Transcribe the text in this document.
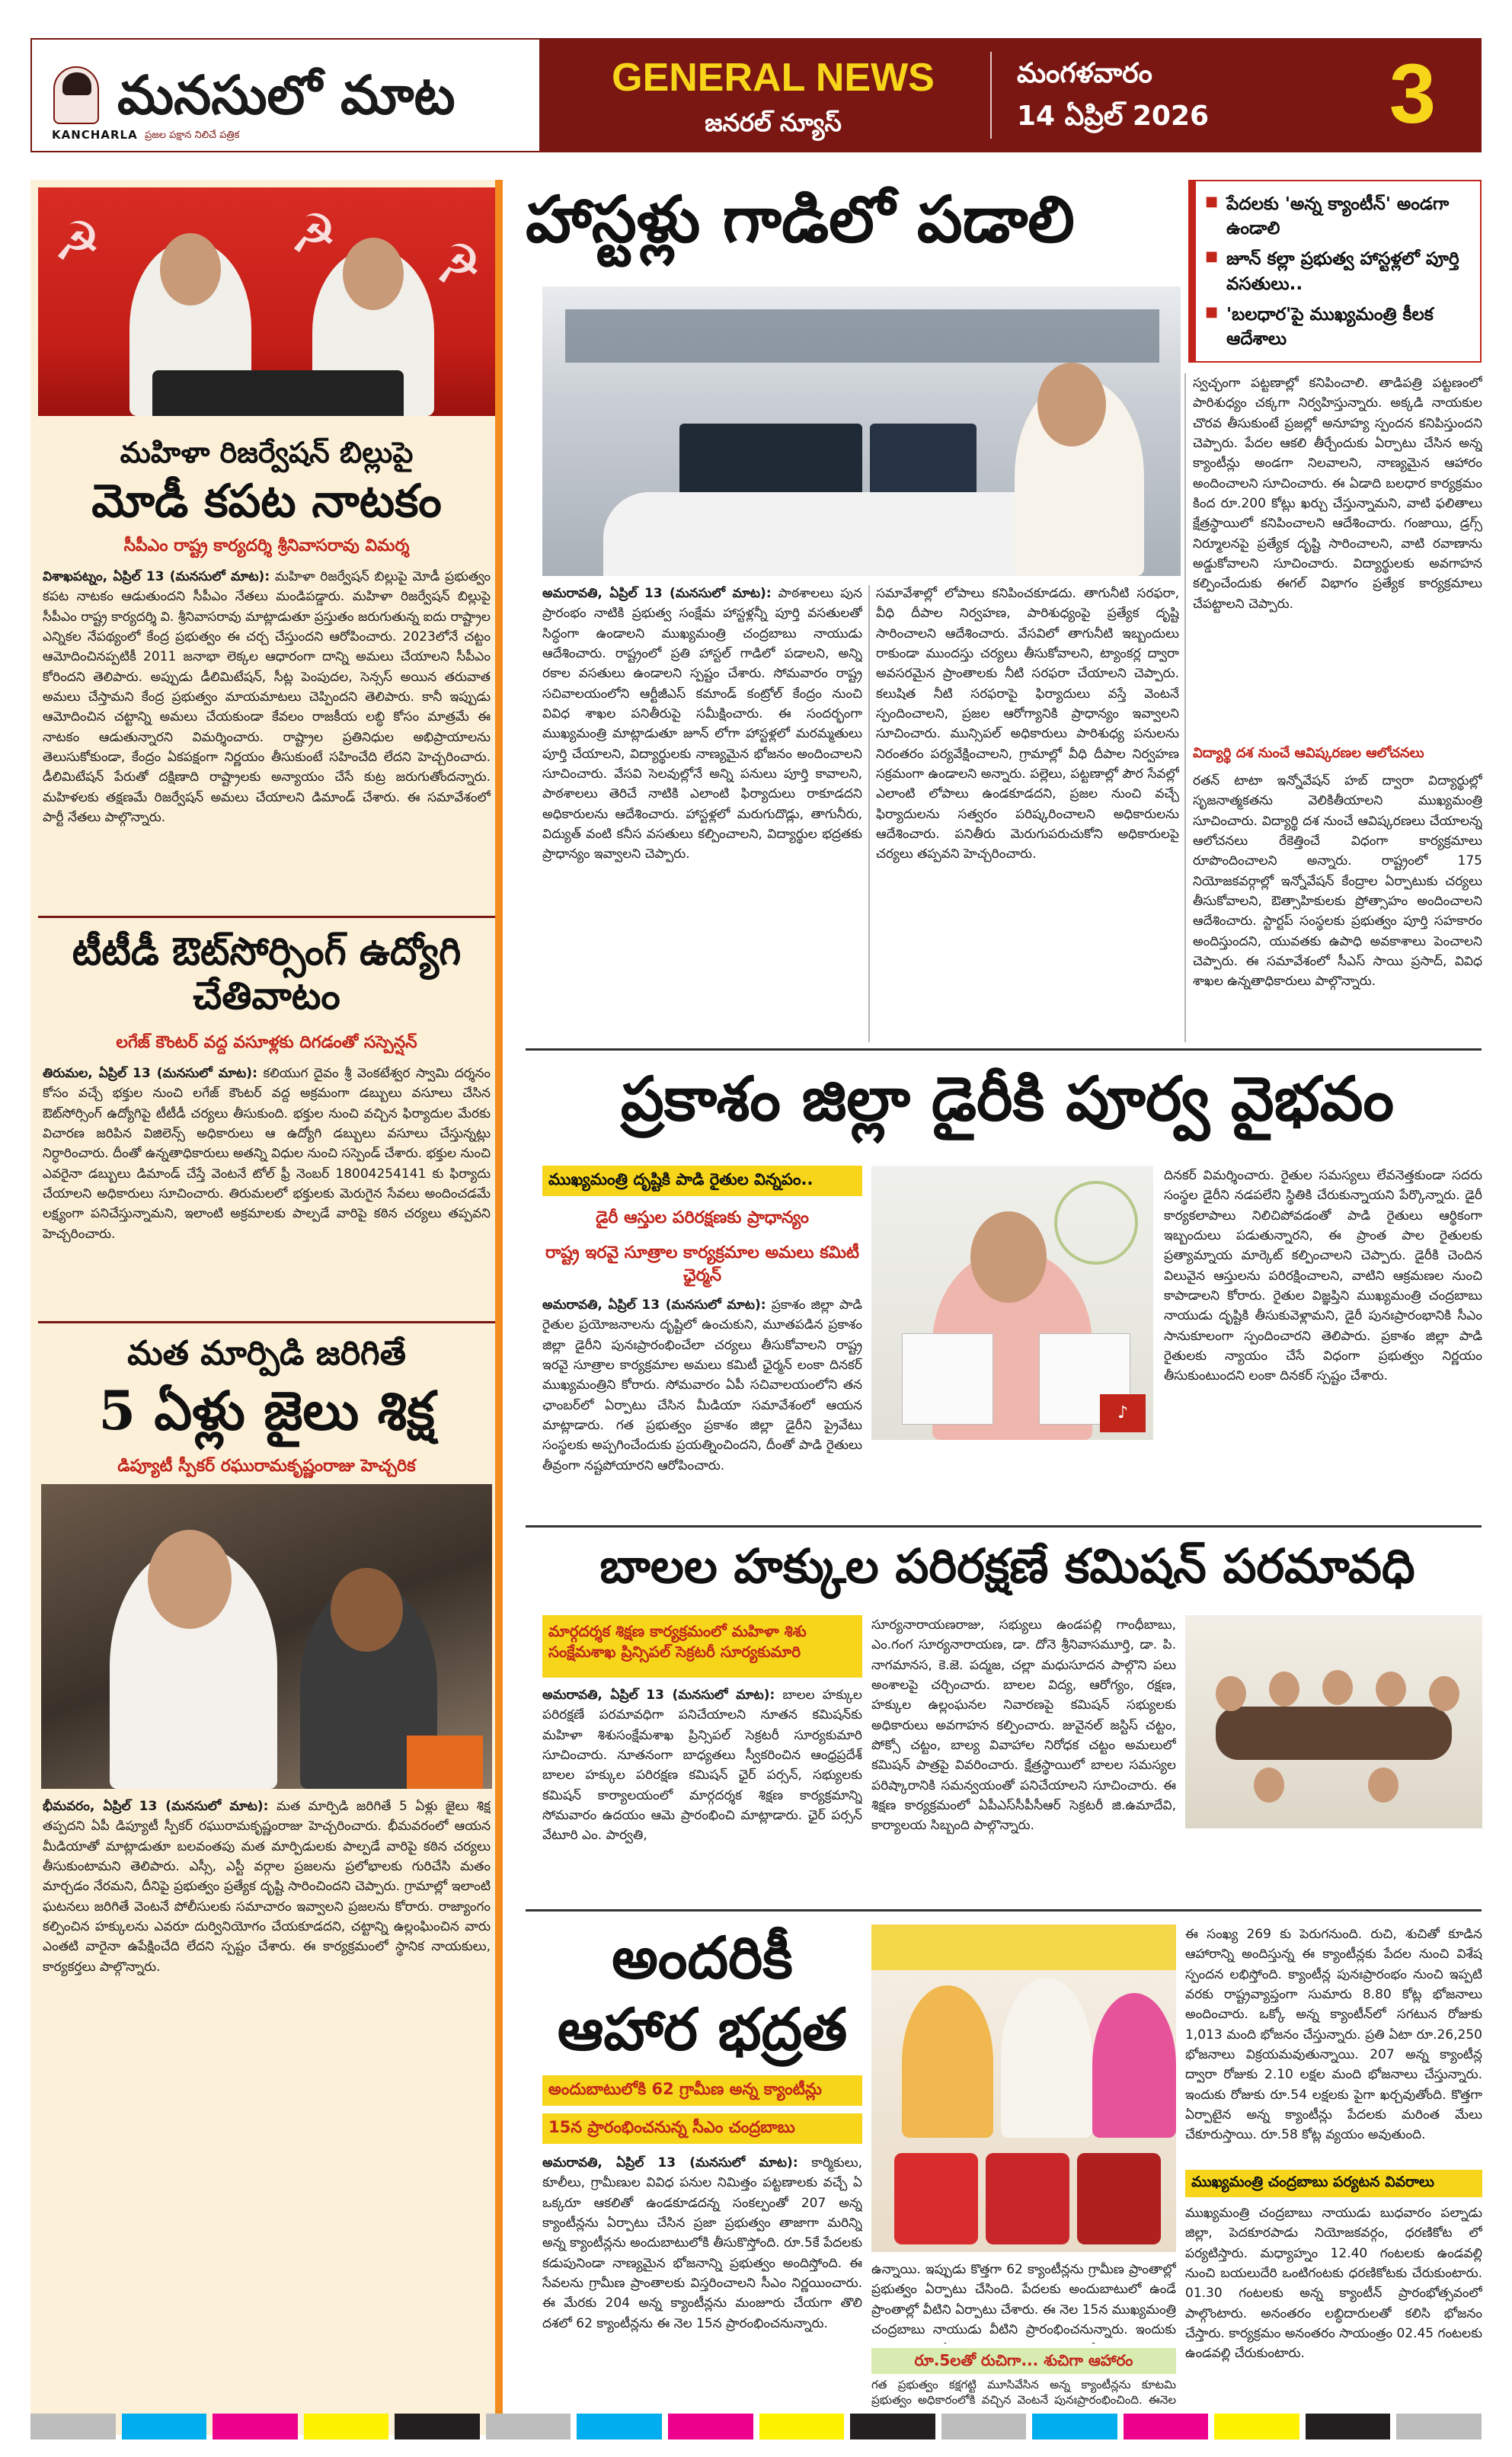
మనసులో మాట
KANCHARLA ప్రజల పక్షాన నిలిచే పత్రిక
GENERAL NEWS
జనరల్ న్యూస్
మంగళవారం
14 ఏప్రిల్ 2026 3
☭	☭ ☭
మహిళా రిజర్వేషన్ బిల్లుపై
మోడీ కపట నాటకం
సీపీఎం రాష్ట్ర కార్యదర్శి శ్రీనివాసరావు విమర్శ
విశాఖపట్నం, ఏప్రిల్ 13 (మనసులో మాట): మహిళా రిజర్వేషన్ బిల్లుపై మోడీ ప్రభుత్వం కపట నాటకం ఆడుతుందని సీపీఎం నేతలు మండిపడ్డారు. మహిళా రిజర్వేషన్ బిల్లుపై సీపీఎం రాష్ట్ర కార్యదర్శి వి. శ్రీనివాసరావు మాట్లాడుతూ ప్రస్తుతం జరుగుతున్న ఐదు రాష్ట్రాల ఎన్నికల నేపథ్యంలో కేంద్ర ప్రభుత్వం ఈ చర్చ చేస్తుందని ఆరోపించారు. 2023లోనే చట్టం ఆమోదించినప్పటికీ 2011 జనాభా లెక్కల ఆధారంగా దాన్ని అమలు చేయాలని సీపీఎం కోరిందని తెలిపారు. అప్పుడు డీలిమిటేషన్, సీట్ల పెంపుదల, సెన్సస్ అయిన తరువాత అమలు చేస్తామని కేంద్ర ప్రభుత్వం మాయమాటలు చెప్పిందని తెలిపారు. కానీ ఇప్పుడు ఆమోదించిన చట్టాన్ని అమలు చేయకుండా కేవలం రాజకీయ లబ్ధి కోసం మాత్రమే ఈ నాటకం ఆడుతున్నారని విమర్శించారు. రాష్ట్రాల ప్రతినిధుల అభిప్రాయాలను తెలుసుకోకుండా, కేంద్రం ఏకపక్షంగా నిర్ణయం తీసుకుంటే సహించేది లేదని హెచ్చరించారు. డీలిమిటేషన్ పేరుతో దక్షిణాది రాష్ట్రాలకు అన్యాయం చేసే కుట్ర జరుగుతోందన్నారు. మహిళలకు తక్షణమే రిజర్వేషన్ అమలు చేయాలని డిమాండ్ చేశారు. ఈ సమావేశంలో పార్టీ నేతలు పాల్గొన్నారు.
టీటీడీ ఔట్‌సోర్సింగ్ ఉద్యోగి చేతివాటం
లగేజ్ కౌంటర్ వద్ద వసూళ్లకు దిగడంతో సస్పెన్షన్
తిరుమల, ఏప్రిల్ 13 (మనసులో మాట): కలియుగ దైవం శ్రీ వెంకటేశ్వర స్వామి దర్శనం కోసం వచ్చే భక్తుల నుంచి లగేజ్ కౌంటర్ వద్ద అక్రమంగా డబ్బులు వసూలు చేసిన ఔట్‌సోర్సింగ్ ఉద్యోగిపై టీటీడీ చర్యలు తీసుకుంది. భక్తుల నుంచి వచ్చిన ఫిర్యాదుల మేరకు విచారణ జరిపిన విజిలెన్స్ అధికారులు ఆ ఉద్యోగి డబ్బులు వసూలు చేస్తున్నట్లు నిర్ధారించారు. దీంతో ఉన్నతాధికారులు అతన్ని విధుల నుంచి సస్పెండ్ చేశారు. భక్తుల నుంచి ఎవరైనా డబ్బులు డిమాండ్ చేస్తే వెంటనే టోల్ ఫ్రీ నెంబర్ 18004254141 కు ఫిర్యాదు చేయాలని అధికారులు సూచించారు. తిరుమలలో భక్తులకు మెరుగైన సేవలు అందించడమే లక్ష్యంగా పనిచేస్తున్నామని, ఇలాంటి అక్రమాలకు పాల్పడే వారిపై కఠిన చర్యలు తప్పవని హెచ్చరించారు.
మత మార్పిడి జరిగితే
5 ఏళ్లు జైలు శిక్ష
డిప్యూటీ స్పీకర్ రఘురామకృష్ణంరాజు హెచ్చరిక
భీమవరం, ఏప్రిల్ 13 (మనసులో మాట): మత మార్పిడి జరిగితే 5 ఏళ్లు జైలు శిక్ష తప్పదని ఏపీ డిప్యూటీ స్పీకర్ రఘురామకృష్ణంరాజు హెచ్చరించారు. భీమవరంలో ఆయన మీడియాతో మాట్లాడుతూ బలవంతపు మత మార్పిడులకు పాల్పడే వారిపై కఠిన చర్యలు తీసుకుంటామని తెలిపారు. ఎస్సీ, ఎస్టీ వర్గాల ప్రజలను ప్రలోభాలకు గురిచేసి మతం మార్చడం నేరమని, దీనిపై ప్రభుత్వం ప్రత్యేక దృష్టి సారించిందని చెప్పారు. గ్రామాల్లో ఇలాంటి ఘటనలు జరిగితే వెంటనే పోలీసులకు సమాచారం ఇవ్వాలని ప్రజలను కోరారు. రాజ్యాంగం కల్పించిన హక్కులను ఎవరూ దుర్వినియోగం చేయకూడదని, చట్టాన్ని ఉల్లంఘించిన వారు ఎంతటి వారైనా ఉపేక్షించేది లేదని స్పష్టం చేశారు. ఈ కార్యక్రమంలో స్థానిక నాయకులు, కార్యకర్తలు పాల్గొన్నారు.
హాస్టళ్లు గాడిలో పడాలి	■ పేదలకు 'అన్న క్యాంటీన్' అండగా ఉండాలి
■ జూన్ కల్లా ప్రభుత్వ హాస్టళ్లలో పూర్తి వసతులు..
■ 'బలధార'పై ముఖ్యమంత్రి కీలక ఆదేశాలు
అమరావతి, ఏప్రిల్ 13 (మనసులో మాట): పాఠశాలలు పున ప్రారంభం నాటికి ప్రభుత్వ సంక్షేమ హాస్టళ్లన్నీ పూర్తి వసతులతో సిద్ధంగా ఉండాలని ముఖ్యమంత్రి చంద్రబాబు నాయుడు ఆదేశించారు. రాష్ట్రంలో ప్రతి హాస్టల్ గాడిలో పడాలని, అన్ని రకాల వసతులు ఉండాలని స్పష్టం చేశారు. సోమవారం రాష్ట్ర సచివాలయంలోని ఆర్టీజీఎస్ కమాండ్ కంట్రోల్ కేంద్రం నుంచి వివిధ శాఖల పనితీరుపై సమీక్షించారు. ఈ సందర్భంగా ముఖ్యమంత్రి మాట్లాడుతూ జూన్ లోగా హాస్టళ్లలో మరమ్మతులు పూర్తి చేయాలని, విద్యార్థులకు నాణ్యమైన భోజనం అందించాలని సూచించారు. వేసవి సెలవుల్లోనే అన్ని పనులు పూర్తి కావాలని, పాఠశాలలు తెరిచే నాటికి ఎలాంటి ఫిర్యాదులు రాకూడదని అధికారులను ఆదేశించారు. హాస్టళ్లలో మరుగుదొడ్లు, తాగునీరు, విద్యుత్ వంటి కనీస వసతులు కల్పించాలని, విద్యార్థుల భద్రతకు ప్రాధాన్యం ఇవ్వాలని చెప్పారు.
సమావేశాల్లో లోపాలు కనిపించకూడదు. తాగునీటి సరఫరా, వీధి దీపాల నిర్వహణ, పారిశుధ్యంపై ప్రత్యేక దృష్టి సారించాలని ఆదేశించారు. వేసవిలో తాగునీటి ఇబ్బందులు రాకుండా ముందస్తు చర్యలు తీసుకోవాలని, ట్యాంకర్ల ద్వారా అవసరమైన ప్రాంతాలకు నీటి సరఫరా చేయాలని చెప్పారు. కలుషిత నీటి సరఫరాపై ఫిర్యాదులు వస్తే వెంటనే స్పందించాలని, ప్రజల ఆరోగ్యానికి ప్రాధాన్యం ఇవ్వాలని సూచించారు. మున్సిపల్ అధికారులు పారిశుధ్య పనులను నిరంతరం పర్యవేక్షించాలని, గ్రామాల్లో వీధి దీపాల నిర్వహణ సక్రమంగా ఉండాలని అన్నారు. పల్లెలు, పట్టణాల్లో పౌర సేవల్లో ఎలాంటి లోపాలు ఉండకూడదని, ప్రజల నుంచి వచ్చే ఫిర్యాదులను సత్వరం పరిష్కరించాలని అధికారులను ఆదేశించారు. పనితీరు మెరుగుపరుచుకోని అధికారులపై చర్యలు తప్పవని హెచ్చరించారు.
స్వచ్ఛంగా పట్టణాల్లో కనిపించాలి. తాడిపత్రి పట్టణంలో పారిశుధ్యం చక్కగా నిర్వహిస్తున్నారు. అక్కడి నాయకుల చొరవ తీసుకుంటే ప్రజల్లో అనూహ్య స్పందన కనిపిస్తుందని చెప్పారు. పేదల ఆకలి తీర్చేందుకు ఏర్పాటు చేసిన అన్న క్యాంటీన్లు అండగా నిలవాలని, నాణ్యమైన ఆహారం అందించాలని సూచించారు. ఈ ఏడాది బలధార కార్యక్రమం కింద రూ.200 కోట్లు ఖర్చు చేస్తున్నామని, వాటి ఫలితాలు క్షేత్రస్థాయిలో కనిపించాలని ఆదేశించారు. గంజాయి, డ్రగ్స్ నిర్మూలనపై ప్రత్యేక దృష్టి సారించాలని, వాటి రవాణాను అడ్డుకోవాలని సూచించారు. విద్యార్థులకు అవగాహన కల్పించేందుకు ఈగల్ విభాగం ప్రత్యేక కార్యక్రమాలు చేపట్టాలని చెప్పారు.
విద్యార్థి దశ నుంచే ఆవిష్కరణల ఆలోచనలు
రతన్ టాటా ఇన్నోవేషన్ హబ్ ద్వారా విద్యార్థుల్లో సృజనాత్మకతను వెలికితీయాలని ముఖ్యమంత్రి సూచించారు. విద్యార్థి దశ నుంచే ఆవిష్కరణలు చేయాలన్న ఆలోచనలు రేకెత్తించే విధంగా కార్యక్రమాలు రూపొందించాలని అన్నారు. రాష్ట్రంలో 175 నియోజకవర్గాల్లో ఇన్నోవేషన్ కేంద్రాల ఏర్పాటుకు చర్యలు తీసుకోవాలని, ఔత్సాహికులకు ప్రోత్సాహం అందించాలని ఆదేశించారు. స్టార్టప్ సంస్థలకు ప్రభుత్వం పూర్తి సహకారం అందిస్తుందని, యువతకు ఉపాధి అవకాశాలు పెంచాలని చెప్పారు. ఈ సమావేశంలో సీఎస్ సాయి ప్రసాద్, వివిధ శాఖల ఉన్నతాధికారులు పాల్గొన్నారు.
ప్రకాశం జిల్లా డైరీకి పూర్వ వైభవం
ముఖ్యమంత్రి దృష్టికి పాడి రైతుల విన్నపం..
డైరీ ఆస్తుల పరిరక్షణకు ప్రాధాన్యం
రాష్ట్ర ఇరవై సూత్రాల కార్యక్రమాల అమలు కమిటీ ఛైర్మన్
♪
అమరావతి, ఏప్రిల్ 13 (మనసులో మాట): ప్రకాశం జిల్లా పాడి రైతుల ప్రయోజనాలను దృష్టిలో ఉంచుకుని, మూతపడిన ప్రకాశం జిల్లా డైరీని పునఃప్రారంభించేలా చర్యలు తీసుకోవాలని రాష్ట్ర ఇరవై సూత్రాల కార్యక్రమాల అమలు కమిటీ ఛైర్మన్ లంకా దినకర్ ముఖ్యమంత్రిని కోరారు. సోమవారం ఏపీ సచివాలయంలోని తన ఛాంబర్‌లో ఏర్పాటు చేసిన మీడియా సమావేశంలో ఆయన మాట్లాడారు. గత ప్రభుత్వం ప్రకాశం జిల్లా డైరీని ప్రైవేటు సంస్థలకు అప్పగించేందుకు ప్రయత్నించిందని, దీంతో పాడి రైతులు తీవ్రంగా నష్టపోయారని ఆరోపించారు.
దినకర్ విమర్శించారు. రైతుల సమస్యలు లేవనెత్తకుండా సదరు సంస్థల డైరీని నడపలేని స్థితికి చేరుకున్నాయని పేర్కొన్నారు. డైరీ కార్యకలాపాలు నిలిచిపోవడంతో పాడి రైతులు ఆర్థికంగా ఇబ్బందులు పడుతున్నారని, ఈ ప్రాంత పాల రైతులకు ప్రత్యామ్నాయ మార్కెట్ కల్పించాలని చెప్పారు. డైరీకి చెందిన విలువైన ఆస్తులను పరిరక్షించాలని, వాటిని ఆక్రమణల నుంచి కాపాడాలని కోరారు. రైతుల విజ్ఞప్తిని ముఖ్యమంత్రి చంద్రబాబు నాయుడు దృష్టికి తీసుకువెళ్లామని, డైరీ పునఃప్రారంభానికి సీఎం సానుకూలంగా స్పందించారని తెలిపారు. ప్రకాశం జిల్లా పాడి రైతులకు న్యాయం చేసే విధంగా ప్రభుత్వం నిర్ణయం తీసుకుంటుందని లంకా దినకర్ స్పష్టం చేశారు.
బాలల హక్కుల పరిరక్షణే కమిషన్ పరమావధి
మార్గదర్శక శిక్షణ కార్యక్రమంలో మహిళా శిశు సంక్షేమశాఖ ప్రిన్సిపల్ సెక్రటరీ సూర్యకుమారి
అమరావతి, ఏప్రిల్ 13 (మనసులో మాట): బాలల హక్కుల పరిరక్షణే పరమావధిగా పనిచేయాలని నూతన కమిషన్‌కు మహిళా శిశుసంక్షేమశాఖ ప్రిన్సిపల్ సెక్రటరీ సూర్యకుమారి సూచించారు. నూతనంగా బాధ్యతలు స్వీకరించిన ఆంధ్రప్రదేశ్ బాలల హక్కుల పరిరక్షణ కమిషన్ ఛైర్ పర్సన్, సభ్యులకు కమిషన్ కార్యాలయంలో మార్గదర్శక శిక్షణ కార్యక్రమాన్ని సోమవారం ఉదయం ఆమె ప్రారంభించి మాట్లాడారు. ఛైర్ పర్సన్ వేటూరి ఎం. పార్వతి,
సూర్యనారాయణరాజు, సభ్యులు ఉండపల్లి గాంధీబాబు, ఎం.గంగ సూర్యనారాయణ, డా. దోనె శ్రీనివాసమూర్తి, డా. పి. నాగమానస, కె.జె. పద్మజ, చల్లా మధుసూదన పాల్గొని పలు అంశాలపై చర్చించారు. బాలల విద్య, ఆరోగ్యం, రక్షణ, హక్కుల ఉల్లంఘనల నివారణపై కమిషన్ సభ్యులకు అధికారులు అవగాహన కల్పించారు. జువైనల్ జస్టిస్ చట్టం, పోక్సో చట్టం, బాల్య వివాహాల నిరోధక చట్టం అమలులో కమిషన్ పాత్రపై వివరించారు. క్షేత్రస్థాయిలో బాలల సమస్యల పరిష్కారానికి సమన్వయంతో పనిచేయాలని సూచించారు. ఈ శిక్షణ కార్యక్రమంలో ఏపీఎస్‌సీపీసీఆర్ సెక్రటరీ జి.ఉమాదేవి, కార్యాలయ సిబ్బంది పాల్గొన్నారు.
అందరికీ
ఆహార భద్రత
అందుబాటులోకి 62 గ్రామీణ అన్న క్యాంటీన్లు
15న ప్రారంభించనున్న సీఎం చంద్రబాబు
అమరావతి, ఏప్రిల్ 13 (మనసులో మాట): కార్మికులు, కూలీలు, గ్రామీణుల వివిధ పనుల నిమిత్తం పట్టణాలకు వచ్చే ఏ ఒక్కరూ ఆకలితో ఉండకూడదన్న సంకల్పంతో 207 అన్న క్యాంటీన్లను ఏర్పాటు చేసిన ప్రజా ప్రభుత్వం తాజాగా మరిన్ని అన్న క్యాంటీన్లను అందుబాటులోకి తీసుకొస్తోంది. రూ.5కే పేదలకు కడుపునిండా నాణ్యమైన భోజనాన్ని ప్రభుత్వం అందిస్తోంది. ఈ సేవలను గ్రామీణ ప్రాంతాలకు విస్తరించాలని సీఎం నిర్ణయించారు. ఈ మేరకు 204 అన్న క్యాంటీన్లను మంజూరు చేయగా తొలి దశలో 62 క్యాంటీన్లను ఈ నెల 15న ప్రారంభించనున్నారు.
ఉన్నాయి. ఇప్పుడు కొత్తగా 62 క్యాంటీన్లను గ్రామీణ ప్రాంతాల్లో ప్రభుత్వం ఏర్పాటు చేసింది. పేదలకు అందుబాటులో ఉండే ప్రాంతాల్లో వీటిని ఏర్పాటు చేశారు. ఈ నెల 15న ముఖ్యమంత్రి చంద్రబాబు నాయుడు వీటిని ప్రారంభించనున్నారు. ఇందుకు
రూ.5లతో రుచిగా... శుచిగా ఆహారం
గత ప్రభుత్వం కక్షగట్టి మూసివేసిన అన్న క్యాంటీన్లను కూటమి ప్రభుత్వం అధికారంలోకి వచ్చిన వెంటనే పునఃప్రారంభించింది. ఈనెల
ఈ సంఖ్య 269 కు పెరుగనుంది. రుచి, శుచితో కూడిన ఆహారాన్ని అందిస్తున్న ఈ క్యాంటీన్లకు పేదల నుంచి విశేష స్పందన లభిస్తోంది. క్యాంటీన్ల పునఃప్రారంభం నుంచి ఇప్పటి వరకు రాష్ట్రవ్యాప్తంగా సుమారు 8.80 కోట్ల భోజనాలు అందించారు. ఒక్కో అన్న క్యాంటీన్‌లో సగటున రోజుకు 1,013 మంది భోజనం చేస్తున్నారు. ప్రతి ఏటా రూ.26,250 భోజనాలు విక్రయమవుతున్నాయి. 207 అన్న క్యాంటీన్ల ద్వారా రోజుకు 2.10 లక్షల మంది భోజనాలు చేస్తున్నారు. ఇందుకు రోజుకు రూ.54 లక్షలకు పైగా ఖర్చవుతోంది. కొత్తగా ఏర్పాటైన అన్న క్యాంటీన్లు పేదలకు మరింత మేలు చేకూరుస్తాయి. రూ.58 కోట్ల వ్యయం అవుతుంది.
ముఖ్యమంత్రి చంద్రబాబు పర్యటన వివరాలు
ముఖ్యమంత్రి చంద్రబాబు నాయుడు బుధవారం పల్నాడు జిల్లా, పెదకూరపాడు నియోజకవర్గం, ధరణికోట లో పర్యటిస్తారు. మధ్యాహ్నం 12.40 గంటలకు ఉండవల్లి నుంచి బయలుదేరి ఒంటిగంటకు ధరణికోటకు చేరుకుంటారు. 01.30 గంటలకు అన్న క్యాంటీన్ ప్రారంభోత్సవంలో పాల్గొంటారు. అనంతరం లబ్ధిదారులతో కలిసి భోజనం చేస్తారు. కార్యక్రమం అనంతరం సాయంత్రం 02.45 గంటలకు ఉండవల్లి చేరుకుంటారు.
